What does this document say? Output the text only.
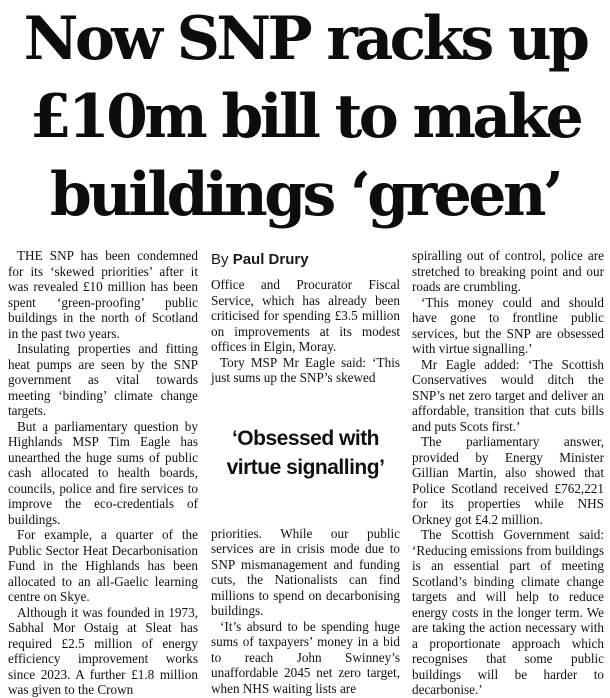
Now SNP racks up
£10m bill to make
buildings ‘green’

THE SNP has been condemned for its ‘skewed priorities’ after it was revealed £10 million has been spent ‘green-proofing’ public buildings in the north of Scotland in the past two years.

Insulating properties and fitting heat pumps are seen by the SNP government as vital towards meeting ‘binding’ climate change targets.

But a parliamentary question by Highlands MSP Tim Eagle has unearthed the huge sums of public cash allocated to health boards, councils, police and fire services to improve the eco-credentials of buildings.

For example, a quarter of the Public Sector Heat Decarbonisation Fund in the Highlands has been allocated to an all-Gaelic learning centre on Skye.

Although it was founded in 1973, Sabhal Mor Ostaig at Sleat has required £2.5 million of energy efficiency improvement works since 2023. A further £1.8 million was given to the Crown

By Paul Drury

Office and Procurator Fiscal Service, which has already been criticised for spending £3.5 million on improvements at its modest offices in Elgin, Moray.

Tory MSP Mr Eagle said: ‘This just sums up the SNP’s skewed

‘Obsessed with
virtue signalling’

priorities. While our public services are in crisis mode due to SNP mismanagement and funding cuts, the Nationalists can find millions to spend on decarbonising buildings.

‘It’s absurd to be spending huge sums of taxpayers’ money in a bid to reach John Swinney’s unaffordable 2045 net zero target, when NHS waiting lists are

spiralling out of control, police are stretched to breaking point and our roads are crumbling.

‘This money could and should have gone to frontline public services, but the SNP are obsessed with virtue signalling.’

Mr Eagle added: ‘The Scottish Conservatives would ditch the SNP’s net zero target and deliver an affordable, transition that cuts bills and puts Scots first.’

The parliamentary answer, provided by Energy Minister Gillian Martin, also showed that Police Scotland received £762,221 for its properties while NHS Orkney got £4.2 million.

The Scottish Government said: ‘Reducing emissions from buildings is an essential part of meeting Scotland’s binding climate change targets and will help to reduce energy costs in the longer term. We are taking the action necessary with a proportionate approach which recognises that some public buildings will be harder to decarbonise.’
